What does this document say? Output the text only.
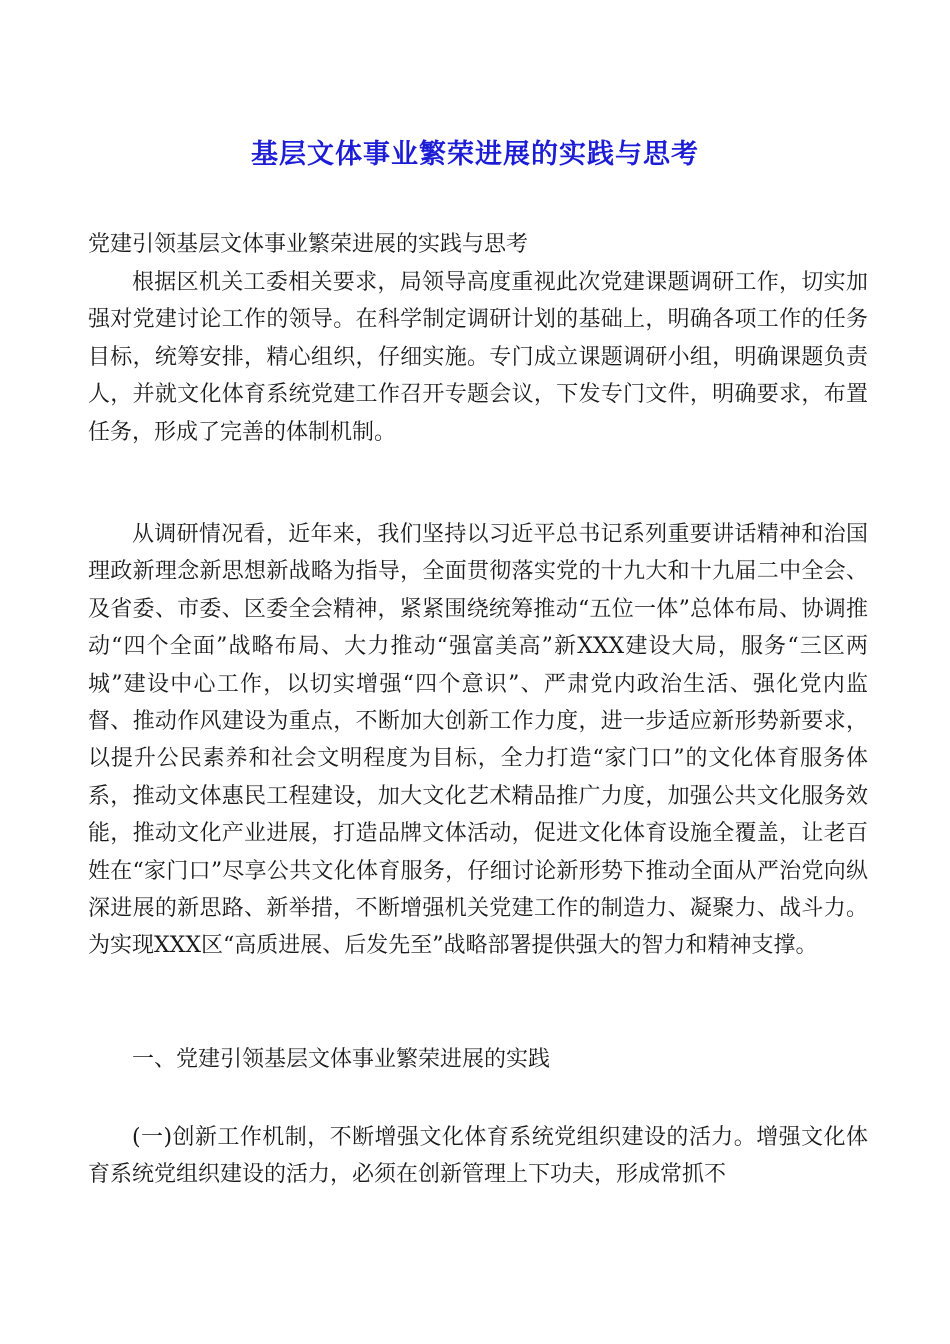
基层文体事业繁荣进展的实践与思考

党建引领基层文体事业繁荣进展的实践与思考

根据区机关工委相关要求，局领导高度重视此次党建课题调研工作，切实加强对党建讨论工作的领导。在科学制定调研计划的基础上，明确各项工作的任务目标，统筹安排，精心组织，仔细实施。专门成立课题调研小组，明确课题负责人，并就文化体育系统党建工作召开专题会议，下发专门文件，明确要求，布置任务，形成了完善的体制机制。

从调研情况看，近年来，我们坚持以习近平总书记系列重要讲话精神和治国理政新理念新思想新战略为指导，全面贯彻落实党的十九大和十九届二中全会、及省委、市委、区委全会精神，紧紧围绕统筹推动“五位一体”总体布局、协调推动“四个全面”战略布局、大力推动“强富美高”新XXX建设大局，服务“三区两城”建设中心工作，以切实增强“四个意识”、严肃党内政治生活、强化党内监督、推动作风建设为重点，不断加大创新工作力度，进一步适应新形势新要求，以提升公民素养和社会文明程度为目标，全力打造“家门口”的文化体育服务体系，推动文体惠民工程建设，加大文化艺术精品推广力度，加强公共文化服务效能，推动文化产业进展，打造品牌文体活动，促进文化体育设施全覆盖，让老百姓在“家门口”尽享公共文化体育服务，仔细讨论新形势下推动全面从严治党向纵深进展的新思路、新举措，不断增强机关党建工作的制造力、凝聚力、战斗力。为实现XXX区“高质进展、后发先至”战略部署提供强大的智力和精神支撑。

一、党建引领基层文体事业繁荣进展的实践

(一)创新工作机制，不断增强文化体育系统党组织建设的活力。增强文化体育系统党组织建设的活力，必须在创新管理上下功夫，形成常抓不
